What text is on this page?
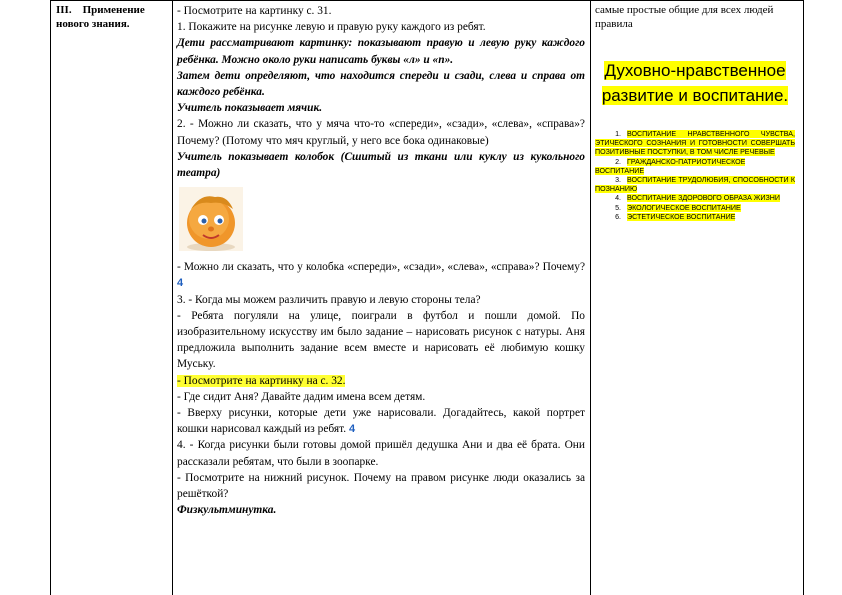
III. Применение нового знания.

- Посмотрите на картинку с. 31.

1. Покажите на рисунке левую и правую руку каждого из ребят.

Дети рассматривают картинку: показывают правую и левую руку каждого ребёнка. Можно около руки написать буквы «л» и «п».

Затем дети определяют, что находится спереди и сзади, слева и справа от каждого ребёнка.

Учитель показывает мячик.

2. - Можно ли сказать, что у мяча что-то «спереди», «сзади», «слева», «справа»? Почему? (Потому что мяч круглый, у него все бока одинаковые)

Учитель показывает колобок (Сшитый из ткани или куклу из кукольного театра)

- Можно ли сказать, что у колобка «спереди», «сзади», «слева», «справа»? Почему? 4

3. - Когда мы можем различить правую и левую стороны тела?

- Ребята погуляли на улице, поиграли в футбол и пошли домой. По изобразительному искусству им было задание – нарисовать рисунок с натуры. Аня предложила выполнить задание всем вместе и нарисовать её любимую кошку Муську.

- Посмотрите на картинку на с. 32.

- Где сидит Аня? Давайте дадим имена всем детям.

- Вверху рисунки, которые дети уже нарисовали. Догадайтесь, какой портрет кошки нарисовал каждый из ребят. 4

4. - Когда рисунки были готовы домой пришёл дедушка Ани и два её брата. Они рассказали ребятам, что были в зоопарке.

- Посмотрите на нижний рисунок. Почему на правом рисунке люди оказались за решёткой?

Физкультминутка.

самые простые общие для всех людей правила
Духовно-нравственное развитие и воспитание.
1. ВОСПИТАНИЕ НРАВСТВЕННОГО ЧУВСТВА, ЭТИЧЕСКОГО СОЗНАНИЯ И ГОТОВНОСТИ СОВЕРШАТЬ ПОЗИТИВНЫЕ ПОСТУПКИ, В ТОМ ЧИСЛЕ РЕЧЕВЫЕ
2. ГРАЖДАНСКО-ПАТРИОТИЧЕСКОЕ ВОСПИТАНИЕ
3. ВОСПИТАНИЕ ТРУДОЛЮБИЯ, СПОСОБНОСТИ К ПОЗНАНИЮ
4. ВОСПИТАНИЕ ЗДОРОВОГО ОБРАЗА ЖИЗНИ
5. ЭКОЛОГИЧЕСКОЕ ВОСПИТАНИЕ
6. ЭСТЕТИЧЕСКОЕ ВОСПИТАНИЕ
